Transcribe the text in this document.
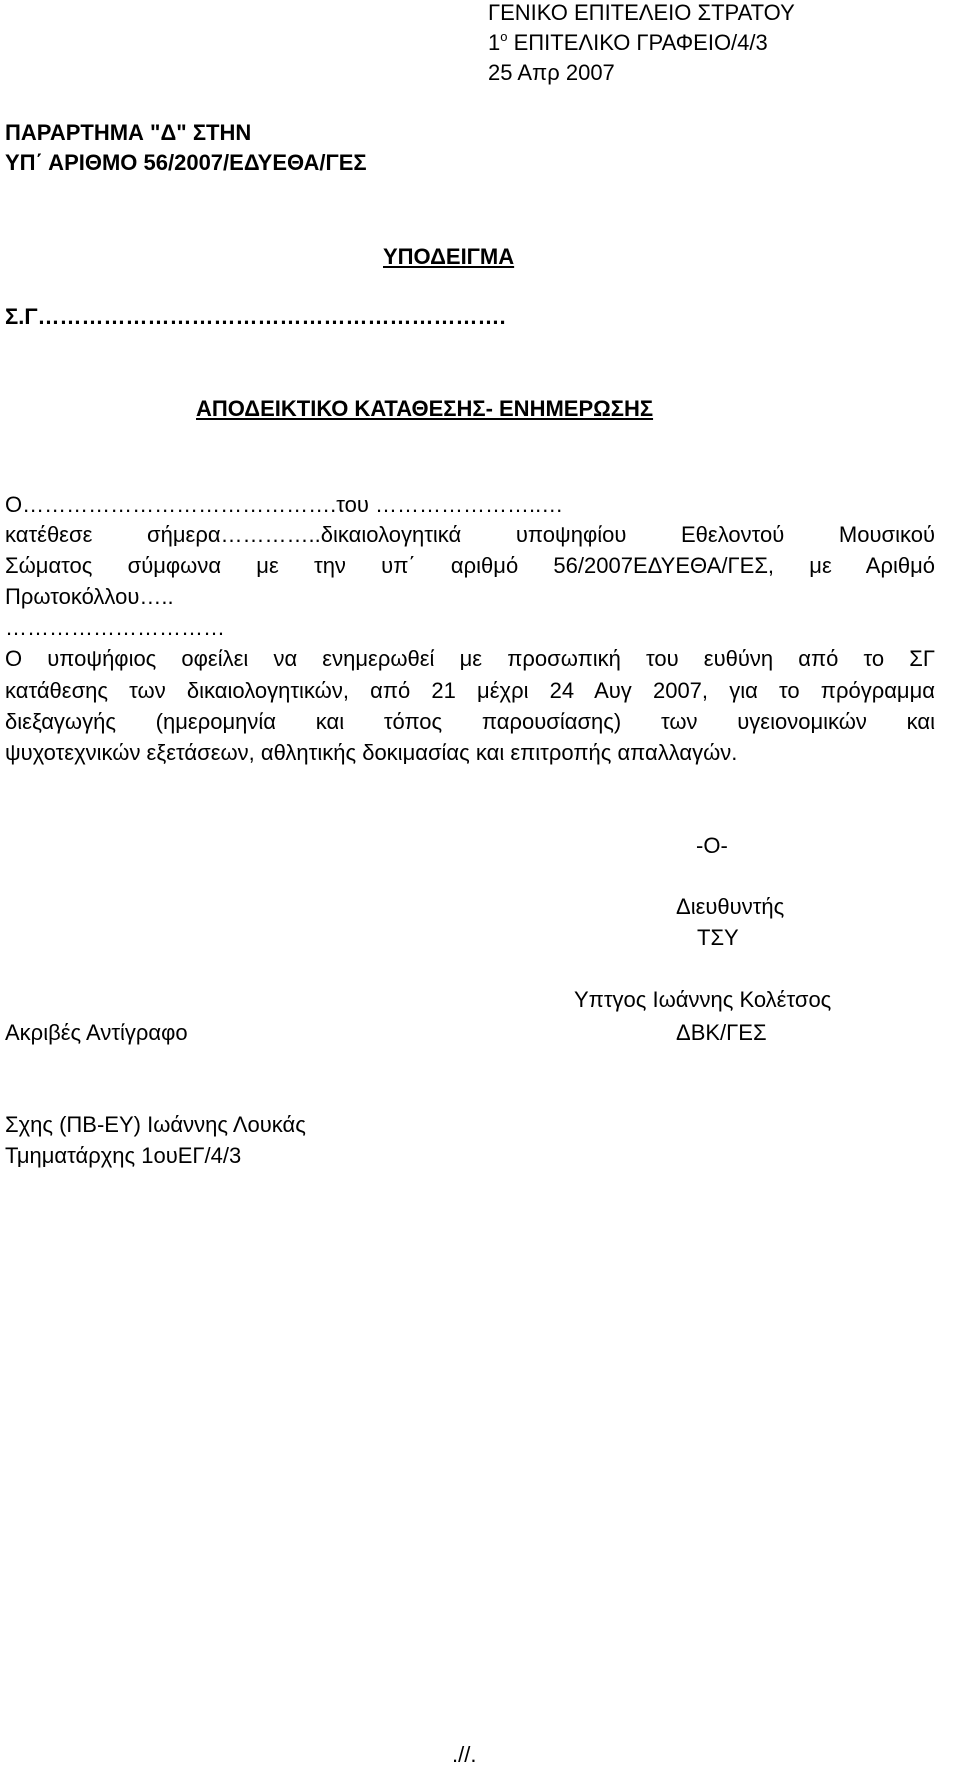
ΓΕΝΙΚΟ ΕΠΙΤΕΛΕΙΟ ΣΤΡΑΤΟΥ
$1^o$ ΕΠΙΤΕΛΙΚΟ ΓΡΑΦΕΙΟ/4/3
25 Απρ 2007
ΠΑΡΑΡΤΗΜΑ "Δ" ΣΤΗΝ
ΥΠ΄ ΑΡΙΘΜΟ 56/2007/ΕΔΥΕΘΑ/ΓΕΣ
ΥΠΟΔΕΙΓΜΑ
Σ.Γ……………………………………………………….
ΑΠΟΔΕΙΚΤΙΚΟ ΚΑΤΑΘΕΣΗΣ- ΕΝΗΜΕΡΩΣΗΣ
Ο…………………………………….του …………………..…
κατέθεσε σήμερα…………..δικαιολογητικά υποψηφίου Εθελοντού Μουσικού
Σώματος σύμφωνα με την υπ΄ αριθμό 56/2007ΕΔΥΕΘΑ/ΓΕΣ, με Αριθμό
Πρωτοκόλλου…..
…………………………
Ο υποψήφιος οφείλει να ενημερωθεί με προσωπική του ευθύνη από το ΣΓ
κατάθεσης των δικαιολογητικών, από 21 μέχρι 24 Αυγ 2007, για το πρόγραμμα
διεξαγωγής (ημερομηνία και τόπος παρουσίασης) των υγειονομικών και
ψυχοτεχνικών εξετάσεων, αθλητικής δοκιμασίας και επιτροπής απαλλαγών.
-Ο-
Διευθυντής
ΤΣΥ
Υπτγος Ιωάννης Κολέτσος
ΔΒΚ/ΓΕΣ
Ακριβές Αντίγραφο
Σχης (ΠΒ-ΕΥ) Ιωάννης Λουκάς
Τμηματάρχης 1ουΕΓ/4/3
.//.
